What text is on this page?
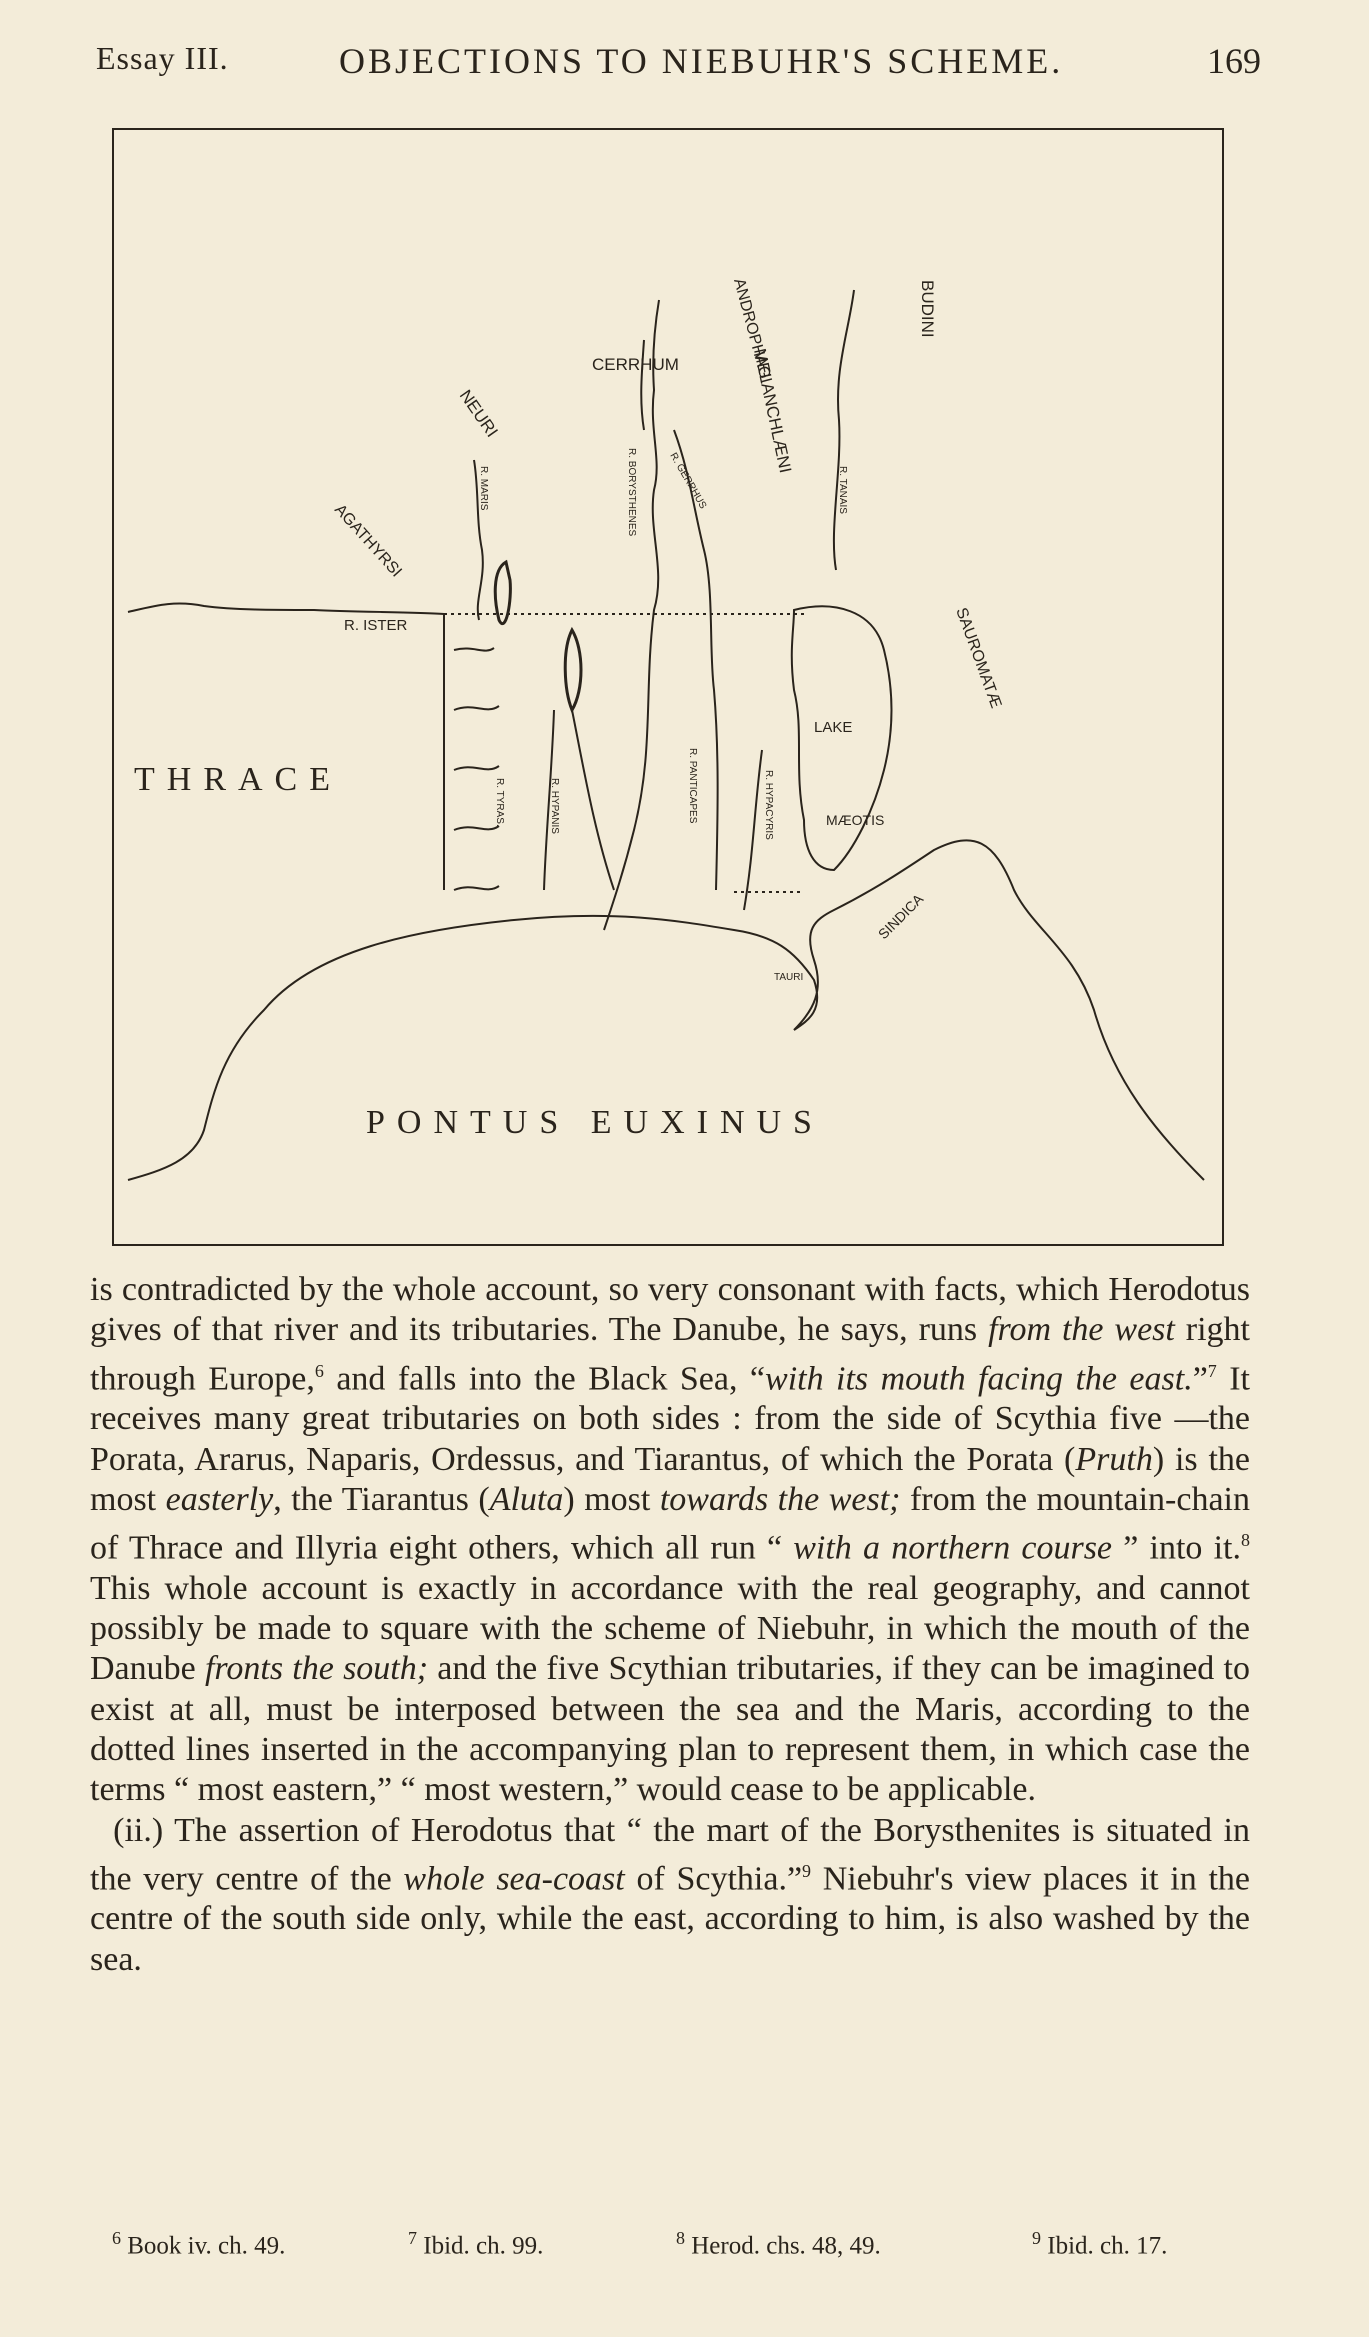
Essay III.	OBJECTIONS TO NIEBUHR'S SCHEME.	169
THRACE
PONTUS EUXINUS
R. ISTER
CERRHUM
NEURI
AGATHYRSI
MELANCHLÆNI
BUDINI
ANDROPHAGI
R. MARIS	R. BORYSTHENES	R. GERRHUS	R. TANAIS
SAUROMATÆ
LAKE
MÆOTIS
R. TYRAS.	R. HYPANIS	R. PANTICAPES	R. HYPACYRIS
SINDICA
TAURI

is contradicted by the whole account, so very consonant with facts, which Herodotus gives of that river and its tributaries. The Danube, he says, runs from the west right through Europe,$^6$ and falls into the Black Sea, “with its mouth facing the east.”$^7$ It receives many great tributaries on both sides : from the side of Scythia five —the Porata, Ararus, Naparis, Ordessus, and Tiarantus, of which the Porata (Pruth) is the most easterly, the Tiarantus (Aluta) most towards the west; from the mountain-chain of Thrace and Illyria eight others, which all run “ with a northern course ” into it.$^8$ This whole account is exactly in accordance with the real geography, and cannot possibly be made to square with the scheme of Niebuhr, in which the mouth of the Danube fronts the south; and the five Scythian tributaries, if they can be imagined to exist at all, must be interposed between the sea and the Maris, according to the dotted lines inserted in the accompanying plan to represent them, in which case the terms “ most eastern,” “ most western,” would cease to be applicable.

(ii.) The assertion of Herodotus that “ the mart of the Borysthenites is situated in the very centre of the whole sea-coast of Scythia.”$^9$ Niebuhr's view places it in the centre of the south side only, while the east, according to him, is also washed by the sea.

$^6$ Book iv. ch. 49.	$^7$ Ibid. ch. 99.	$^8$ Herod. chs. 48, 49.	$^9$ Ibid. ch. 17.
